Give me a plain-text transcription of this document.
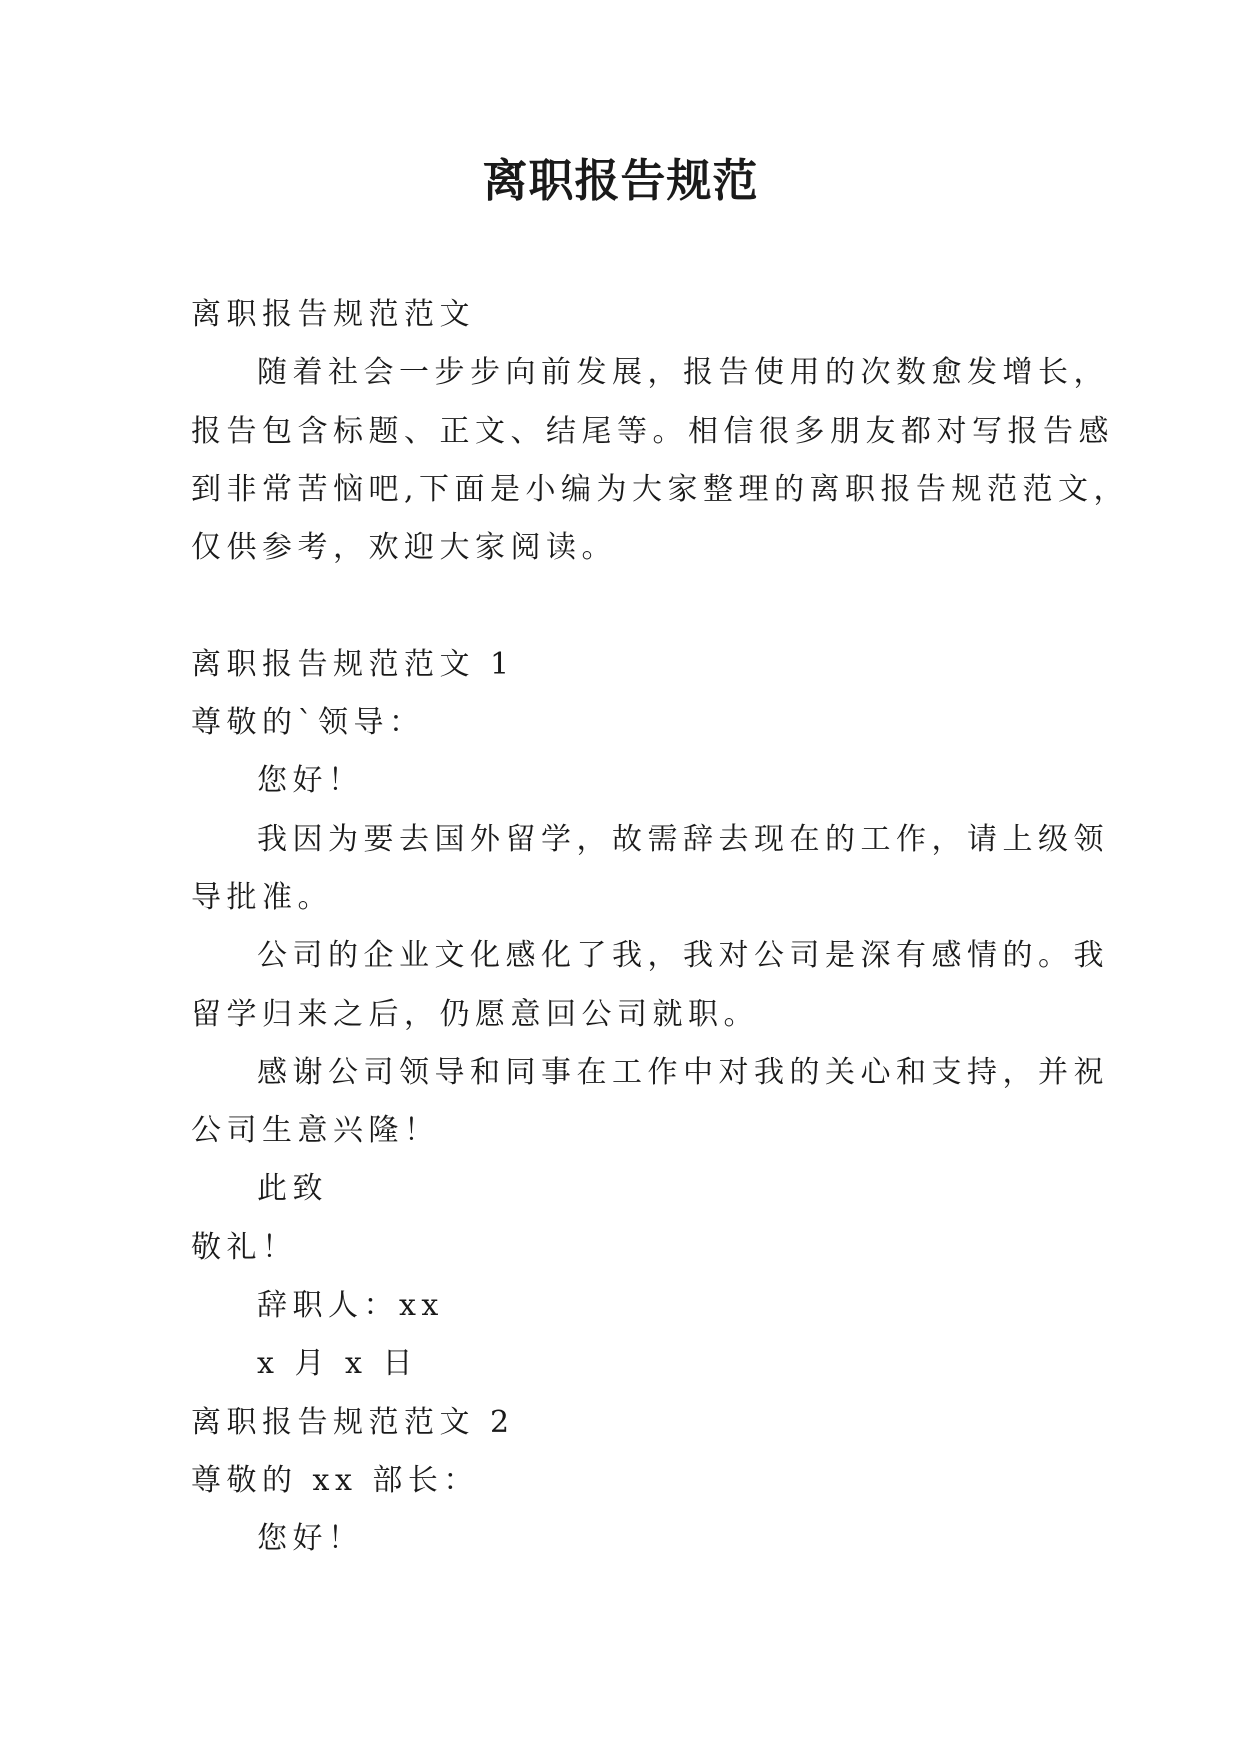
离职报告规范
离职报告规范范文
随着社会一步步向前发展，报告使用的次数愈发增长，
报告包含标题、正文、结尾等。相信很多朋友都对写报告感
到非常苦恼吧,下面是小编为大家整理的离职报告规范范文，
仅供参考，欢迎大家阅读。
离职报告规范范文 1
尊敬的`领导：
您好！
我因为要去国外留学，故需辞去现在的工作，请上级领
导批准。
公司的企业文化感化了我，我对公司是深有感情的。我
留学归来之后，仍愿意回公司就职。
感谢公司领导和同事在工作中对我的关心和支持，并祝
公司生意兴隆！
此致
敬礼！
辞职人：xx
x 月 x 日
离职报告规范范文 2
尊敬的 xx 部长：
您好！
